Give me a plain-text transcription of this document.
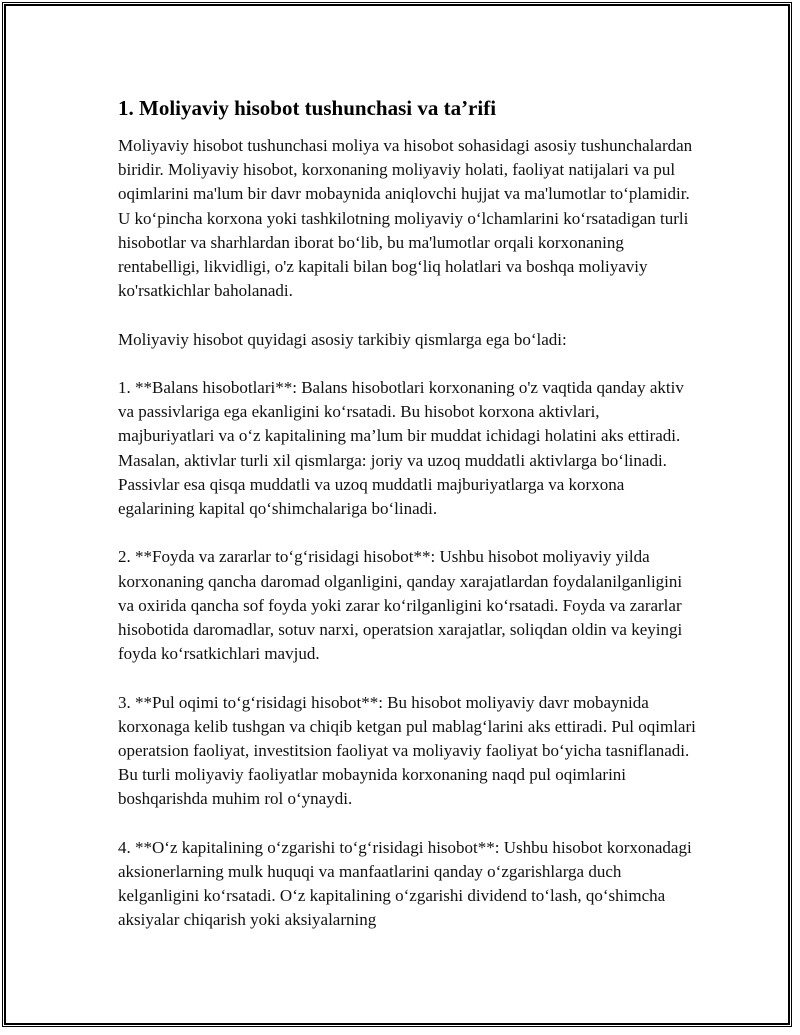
1. Moliyaviy hisobot tushunchasi va ta’rifi

Moliyaviy hisobot tushunchasi moliya va hisobot sohasidagi asosiy tushunchalardan biridir. Moliyaviy hisobot, korxonaning moliyaviy holati, faoliyat natijalari va pul oqimlarini ma'lum bir davr mobaynida aniqlovchi hujjat va ma'lumotlar to‘plamidir. U ko‘pincha korxona yoki tashkilotning moliyaviy o‘lchamlarini ko‘rsatadigan turli hisobotlar va sharhlardan iborat bo‘lib, bu ma'lumotlar orqali korxonaning rentabelligi, likvidligi, o'z kapitali bilan bog‘liq holatlari va boshqa moliyaviy ko'rsatkichlar baholanadi.

Moliyaviy hisobot quyidagi asosiy tarkibiy qismlarga ega bo‘ladi:

1. **Balans hisobotlari**: Balans hisobotlari korxonaning o'z vaqtida qanday aktiv va passivlariga ega ekanligini ko‘rsatadi. Bu hisobot korxona aktivlari, majburiyatlari va o‘z kapitalining ma’lum bir muddat ichidagi holatini aks ettiradi. Masalan, aktivlar turli xil qismlarga: joriy va uzoq muddatli aktivlarga bo‘linadi. Passivlar esa qisqa muddatli va uzoq muddatli majburiyatlarga va korxona egalarining kapital qo‘shimchalariga bo‘linadi.

2. **Foyda va zararlar to‘g‘risidagi hisobot**: Ushbu hisobot moliyaviy yilda korxonaning qancha daromad olganligini, qanday xarajatlardan foydalanilganligini va oxirida qancha sof foyda yoki zarar ko‘rilganligini ko‘rsatadi. Foyda va zararlar hisobotida daromadlar, sotuv narxi, operatsion xarajatlar, soliqdan oldin va keyingi foyda ko‘rsatkichlari mavjud.

3. **Pul oqimi to‘g‘risidagi hisobot**: Bu hisobot moliyaviy davr mobaynida korxonaga kelib tushgan va chiqib ketgan pul mablag‘larini aks ettiradi. Pul oqimlari operatsion faoliyat, investitsion faoliyat va moliyaviy faoliyat bo‘yicha tasniflanadi. Bu turli moliyaviy faoliyatlar mobaynida korxonaning naqd pul oqimlarini boshqarishda muhim rol o‘ynaydi.

4. **O‘z kapitalining o‘zgarishi to‘g‘risidagi hisobot**: Ushbu hisobot korxonadagi aksionerlarning mulk huquqi va manfaatlarini qanday o‘zgarishlarga duch kelganligini ko‘rsatadi. O‘z kapitalining o‘zgarishi dividend to‘lash, qo‘shimcha aksiyalar chiqarish yoki aksiyalarning
